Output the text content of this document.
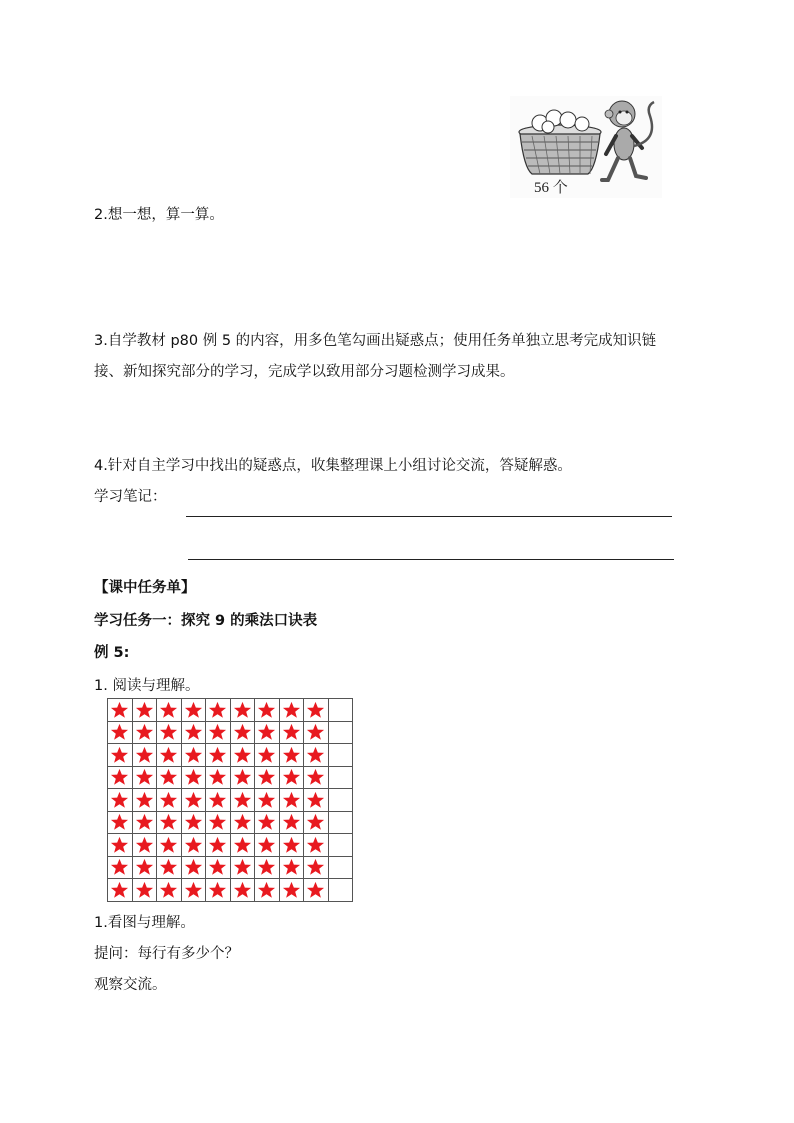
56 个
2.想一想，算一算。
3.自学教材 p80 例 5 的内容，用多色笔勾画出疑惑点；使用任务单独立思考完成知识链
接、新知探究部分的学习，完成学以致用部分习题检测学习成果。
4.针对自主学习中找出的疑惑点，收集整理课上小组讨论交流，答疑解惑。
学习笔记：
【课中任务单】
学习任务一：探究 9 的乘法口诀表
例 5:
1. 阅读与理解。

1.看图与理解。
提问：每行有多少个？
观察交流。
